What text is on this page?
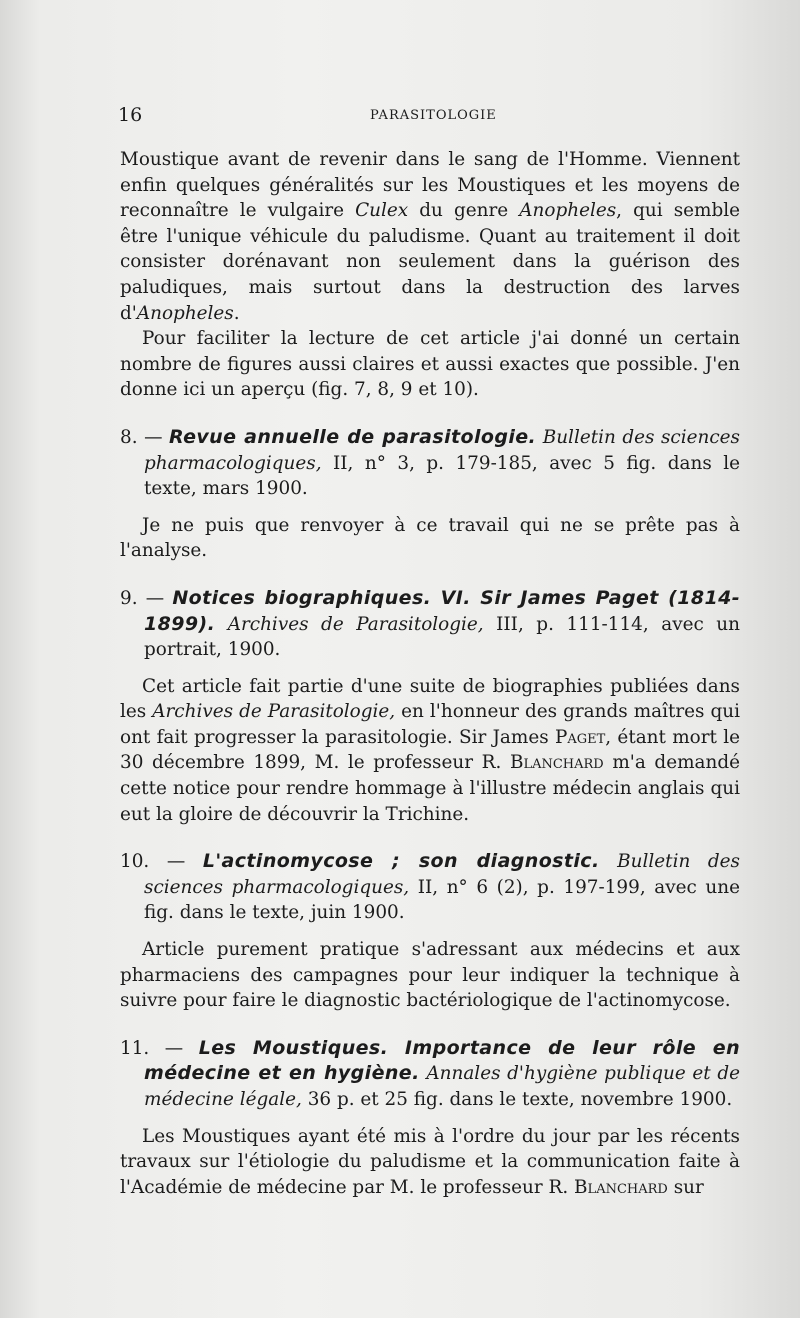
16	PARASITOLOGIE

Moustique avant de revenir dans le sang de l'Homme. Viennent enfin quelques généralités sur les Moustiques et les moyens de reconnaître le vulgaire Culex du genre Anopheles, qui semble être l'unique véhicule du paludisme. Quant au traitement il doit consister dorénavant non seulement dans la guérison des paludiques, mais surtout dans la destruction des larves d'Anopheles.

Pour faciliter la lecture de cet article j'ai donné un certain nombre de figures aussi claires et aussi exactes que possible. J'en donne ici un aperçu (fig. 7, 8, 9 et 10).

8. — Revue annuelle de parasitologie. Bulletin des sciences pharmacologiques, II, n° 3, p. 179-185, avec 5 fig. dans le texte, mars 1900.

Je ne puis que renvoyer à ce travail qui ne se prête pas à l'analyse.

9. — Notices biographiques. VI. Sir James Paget (1814-1899). Archives de Parasitologie, III, p. 111-114, avec un portrait, 1900.

Cet article fait partie d'une suite de biographies publiées dans les Archives de Parasitologie, en l'honneur des grands maîtres qui ont fait progresser la parasitologie. Sir James Paget, étant mort le 30 décembre 1899, M. le professeur R. Blanchard m'a demandé cette notice pour rendre hommage à l'illustre médecin anglais qui eut la gloire de découvrir la Trichine.

10. — L'actinomycose ; son diagnostic. Bulletin des sciences pharmacologiques, II, n° 6 (2), p. 197-199, avec une fig. dans le texte, juin 1900.

Article purement pratique s'adressant aux médecins et aux pharmaciens des campagnes pour leur indiquer la technique à suivre pour faire le diagnostic bactériologique de l'actinomycose.

11. — Les Moustiques. Importance de leur rôle en médecine et en hygiène. Annales d'hygiène publique et de médecine légale, 36 p. et 25 fig. dans le texte, novembre 1900.

Les Moustiques ayant été mis à l'ordre du jour par les récents travaux sur l'étiologie du paludisme et la communication faite à l'Académie de médecine par M. le professeur R. Blanchard sur
